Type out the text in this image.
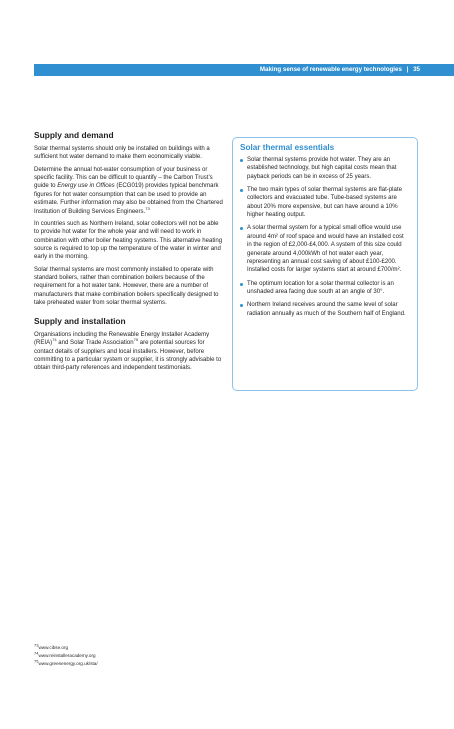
Making sense of renewable energy technologies | 35
Supply and demand

Solar thermal systems should only be installed on buildings with a sufficient hot water demand to make them economically viable.

Determine the annual hot-water consumption of your business or specific facility. This can be difficult to quantify – the Carbon Trust’s guide to Energy use in Offices (ECG019) provides typical benchmark figures for hot water consumption that can be used to provide an estimate. Further information may also be obtained from the Chartered Institution of Building Services Engineers.$^{73}$

In countries such as Northern Ireland, solar collectors will not be able to provide hot water for the whole year and will need to work in combination with other boiler heating systems. This alternative heating source is required to top up the temperature of the water in winter and early in the morning.

Solar thermal systems are most commonly installed to operate with standard boilers, rather than combination boilers because of the requirement for a hot water tank. However, there are a number of manufacturers that make combination boilers specifically designed to take preheated water from solar thermal systems.

Supply and installation

Organisations including the Renewable Energy Installer Academy (REIA)$^{74}$ and Solar Trade Association$^{75}$ are potential sources for contact details of suppliers and local installers. However, before committing to a particular system or supplier, it is strongly advisable to obtain third-party references and independent testimonials.

Solar thermal essentials
Solar thermal systems provide hot water. They are an established technology, but high capital costs mean that payback periods can be in excess of 25 years.
The two main types of solar thermal systems are flat-plate collectors and evacuated tube. Tube-based systems are about 20% more expensive, but can have around a 10% higher heating output.
A solar thermal system for a typical small office would use around 4m² of roof space and would have an installed cost in the region of £2,000-£4,000. A system of this size could generate around 4,000kWh of hot water each year, representing an annual cost saving of about £100-£200. Installed costs for larger systems start at around £700/m².
The optimum location for a solar thermal collector is an unshaded area facing due south at an angle of 30°.
Northern Ireland receives around the same level of solar radiation annually as much of the Southern half of England.
$^{73}$www.cibse.org
$^{74}$www.reinstalleracademy.org
$^{75}$www.greenenergy.org.uk/sta/
